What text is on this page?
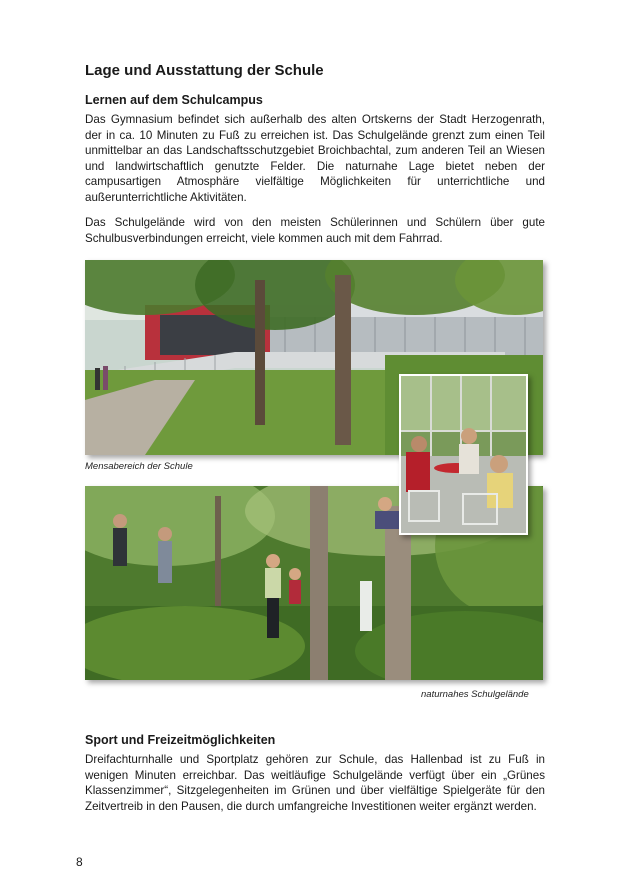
Lage und Ausstattung der Schule
Lernen auf dem Schulcampus
Das Gymnasium befindet sich außerhalb des alten Ortskerns der Stadt Herzogenrath, der in ca. 10 Minuten zu Fuß zu erreichen ist. Das Schulgelände grenzt zum einen Teil unmittelbar an das Landschaftsschutzgebiet Broichbachtal, zum anderen Teil an Wiesen und landwirtschaftlich genutzte Felder. Die naturnahe Lage bietet neben der campusartigen Atmosphäre vielfältige Möglichkeiten für unterrichtliche und außerunterrichtliche Aktivitäten.
Das Schulgelände wird von den meisten Schülerinnen und Schülern über gute Schulbusverbindungen erreicht, viele kommen auch mit dem Fahrrad.
Mensabereich der Schule
naturnahes Schulgelände
Sport und Freizeitmöglichkeiten
Dreifachturnhalle und Sportplatz gehören zur Schule, das Hallenbad ist zu Fuß in wenigen Minuten erreichbar. Das weitläufige Schulgelände verfügt über ein „Grünes Klassenzimmer“, Sitzgelegenheiten im Grünen und über vielfältige Spielgeräte für den Zeitvertreib in den Pausen, die durch umfangreiche Investitionen weiter ergänzt werden.
8
